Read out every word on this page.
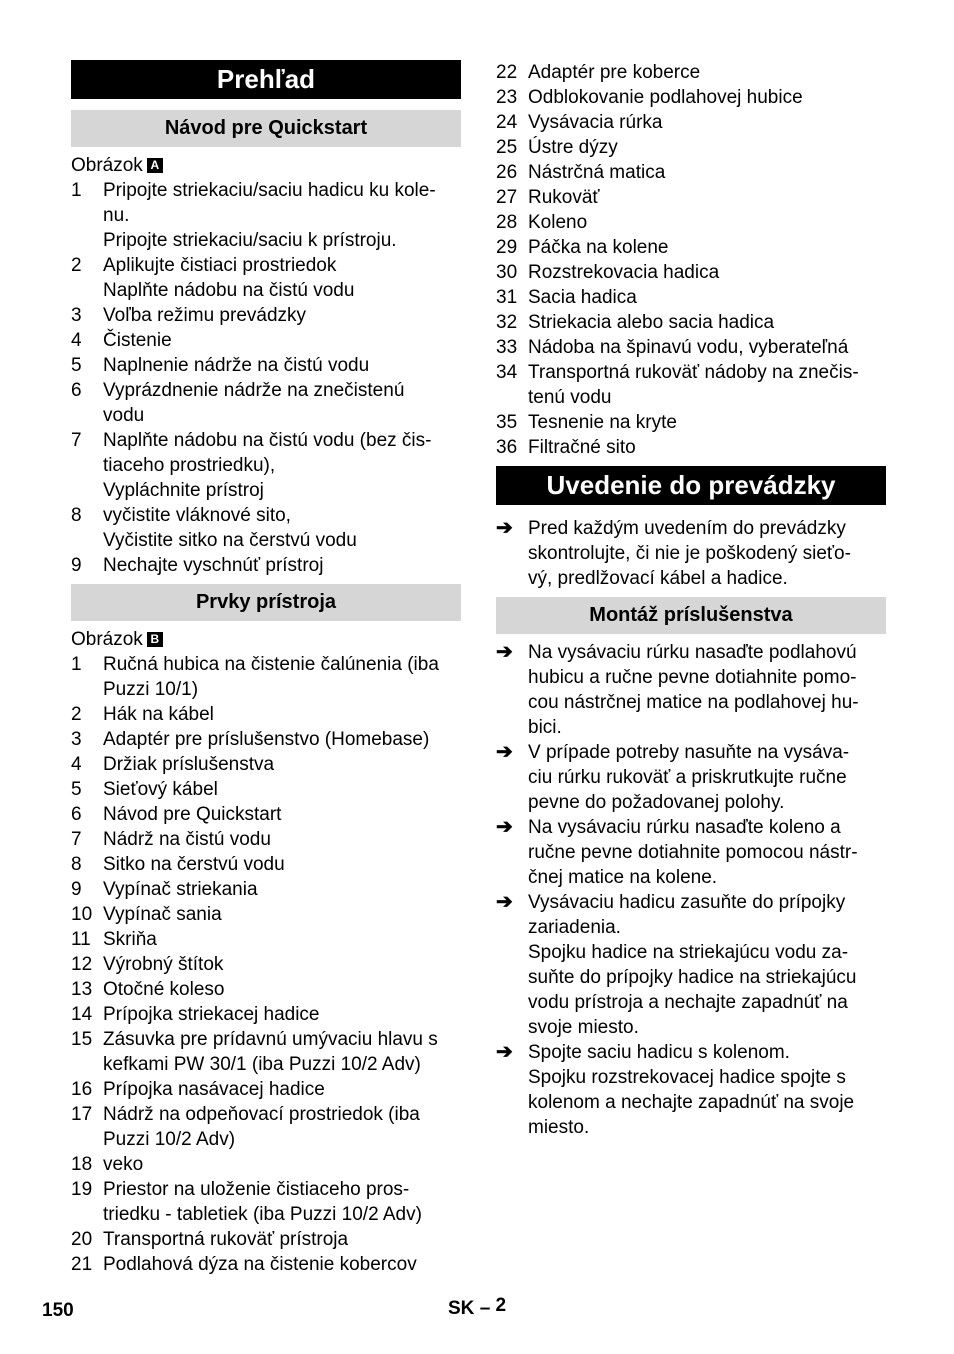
Prehľad
Návod pre Quickstart
Obrázok A
1	Pripojte striekaciu/saciu hadicu ku kole-
nu.
Pripojte striekaciu/saciu k prístroju.
2	Aplikujte čistiaci prostriedok
Naplňte nádobu na čistú vodu
3	Voľba režimu prevádzky
4	Čistenie
5	Naplnenie nádrže na čistú vodu
6	Vyprázdnenie nádrže na znečistenú
vodu
7	Naplňte nádobu na čistú vodu (bez čis-
tiaceho prostriedku),
Vypláchnite prístroj
8	vyčistite vláknové sito,
Vyčistite sitko na čerstvú vodu
9	Nechajte vyschnúť prístroj
Prvky prístroja
Obrázok B
1	Ručná hubica na čistenie čalúnenia (iba
Puzzi 10/1)
2	Hák na kábel
3	Adaptér pre príslušenstvo (Homebase)
4	Držiak príslušenstva
5	Sieťový kábel
6	Návod pre Quickstart
7	Nádrž na čistú vodu
8	Sitko na čerstvú vodu
9	Vypínač striekania
10 Vypínač sania
11 Skriňa
12 Výrobný štítok
13 Otočné koleso
14 Prípojka striekacej hadice
15 Zásuvka pre prídavnú umývaciu hlavu s
kefkami PW 30/1 (iba Puzzi 10/2 Adv)
16 Prípojka nasávacej hadice
17 Nádrž na odpeňovací prostriedok (iba
Puzzi 10/2 Adv)
18 veko
19 Priestor na uloženie čistiaceho pros-
triedku - tabletiek (iba Puzzi 10/2 Adv)
20 Transportná rukoväť prístroja
21 Podlahová dýza na čistenie kobercov
22 Adaptér pre koberce
23 Odblokovanie podlahovej hubice
24 Vysávacia rúrka
25 Ústre dýzy
26 Nástrčná matica
27 Rukoväť
28 Koleno
29 Páčka na kolene
30 Rozstrekovacia hadica
31 Sacia hadica
32 Striekacia alebo sacia hadica
33 Nádoba na špinavú vodu, vyberateľná
34 Transportná rukoväť nádoby na znečis-
tenú vodu
35 Tesnenie na kryte
36 Filtračné sito
Uvedenie do prevádzky
➔ Pred každým uvedením do prevádzky
skontrolujte, či nie je poškodený sieťo-
vý, predlžovací kábel a hadice.
Montáž príslušenstva
➔ Na vysávaciu rúrku nasaďte podlahovú
hubicu a ručne pevne dotiahnite pomo-
cou nástrčnej matice na podlahovej hu-
bici.
➔ V prípade potreby nasuňte na vysáva-
ciu rúrku rukoväť a priskrutkujte ručne
pevne do požadovanej polohy.
➔ Na vysávaciu rúrku nasaďte koleno a
ručne pevne dotiahnite pomocou nástr-
čnej matice na kolene.
➔ Vysávaciu hadicu zasuňte do prípojky
zariadenia.
Spojku hadice na striekajúcu vodu za-
suňte do prípojky hadice na striekajúcu
vodu prístroja a nechajte zapadnúť na
svoje miesto.
➔ Spojte saciu hadicu s kolenom.
Spojku rozstrekovacej hadice spojte s
kolenom a nechajte zapadnúť na svoje
miesto.
150	SK – 2
